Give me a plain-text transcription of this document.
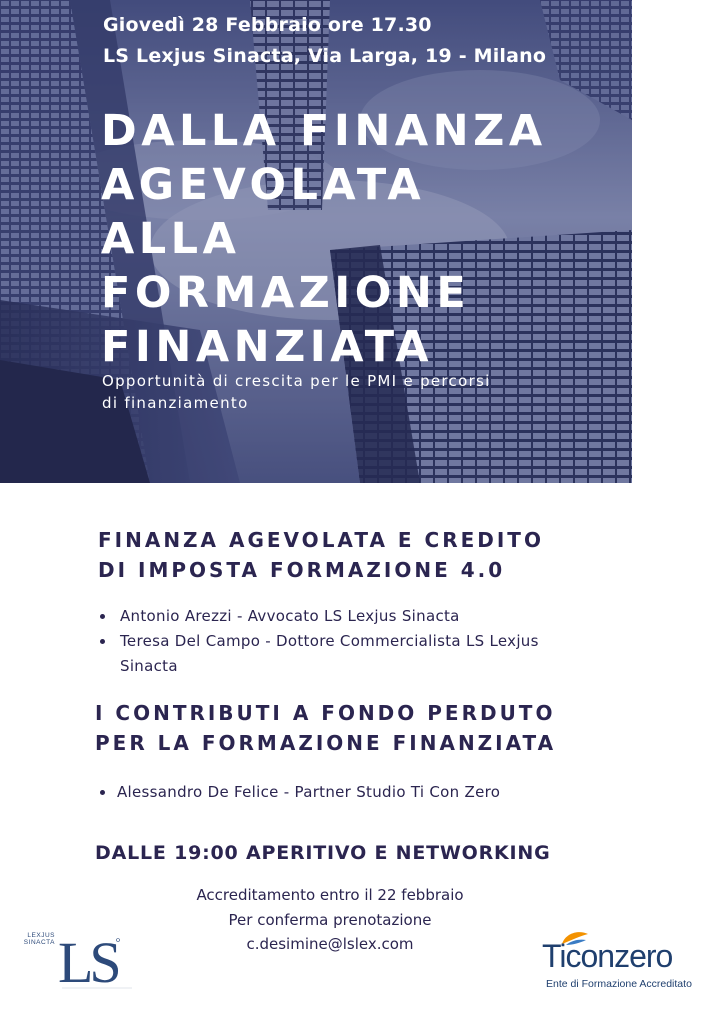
Giovedì 28 Febbraio ore 17.30
LS Lexjus Sinacta, Via Larga, 19 - Milano
DALLA FINANZA
AGEVOLATA
ALLA
FORMAZIONE
FINANZIATA
Opportunità di crescita per le PMI e percorsi
di finanziamento
FINANZA AGEVOLATA E CREDITO
DI IMPOSTA FORMAZIONE 4.0
Antonio Arezzi - Avvocato LS Lexjus Sinacta
Teresa Del Campo - Dottore Commercialista LS Lexjus Sinacta
I CONTRIBUTI A FONDO PERDUTO
PER LA FORMAZIONE FINANZIATA
Alessandro De Felice - Partner Studio Ti Con Zero
DALLE 19:00 APERITIVO E NETWORKING
Accreditamento entro il 22 febbraio
Per conferma prenotazione
c.desimine@lslex.com
LEXJUS
SINACTA LS	Ticonzero
Ente di Formazione Accreditato
